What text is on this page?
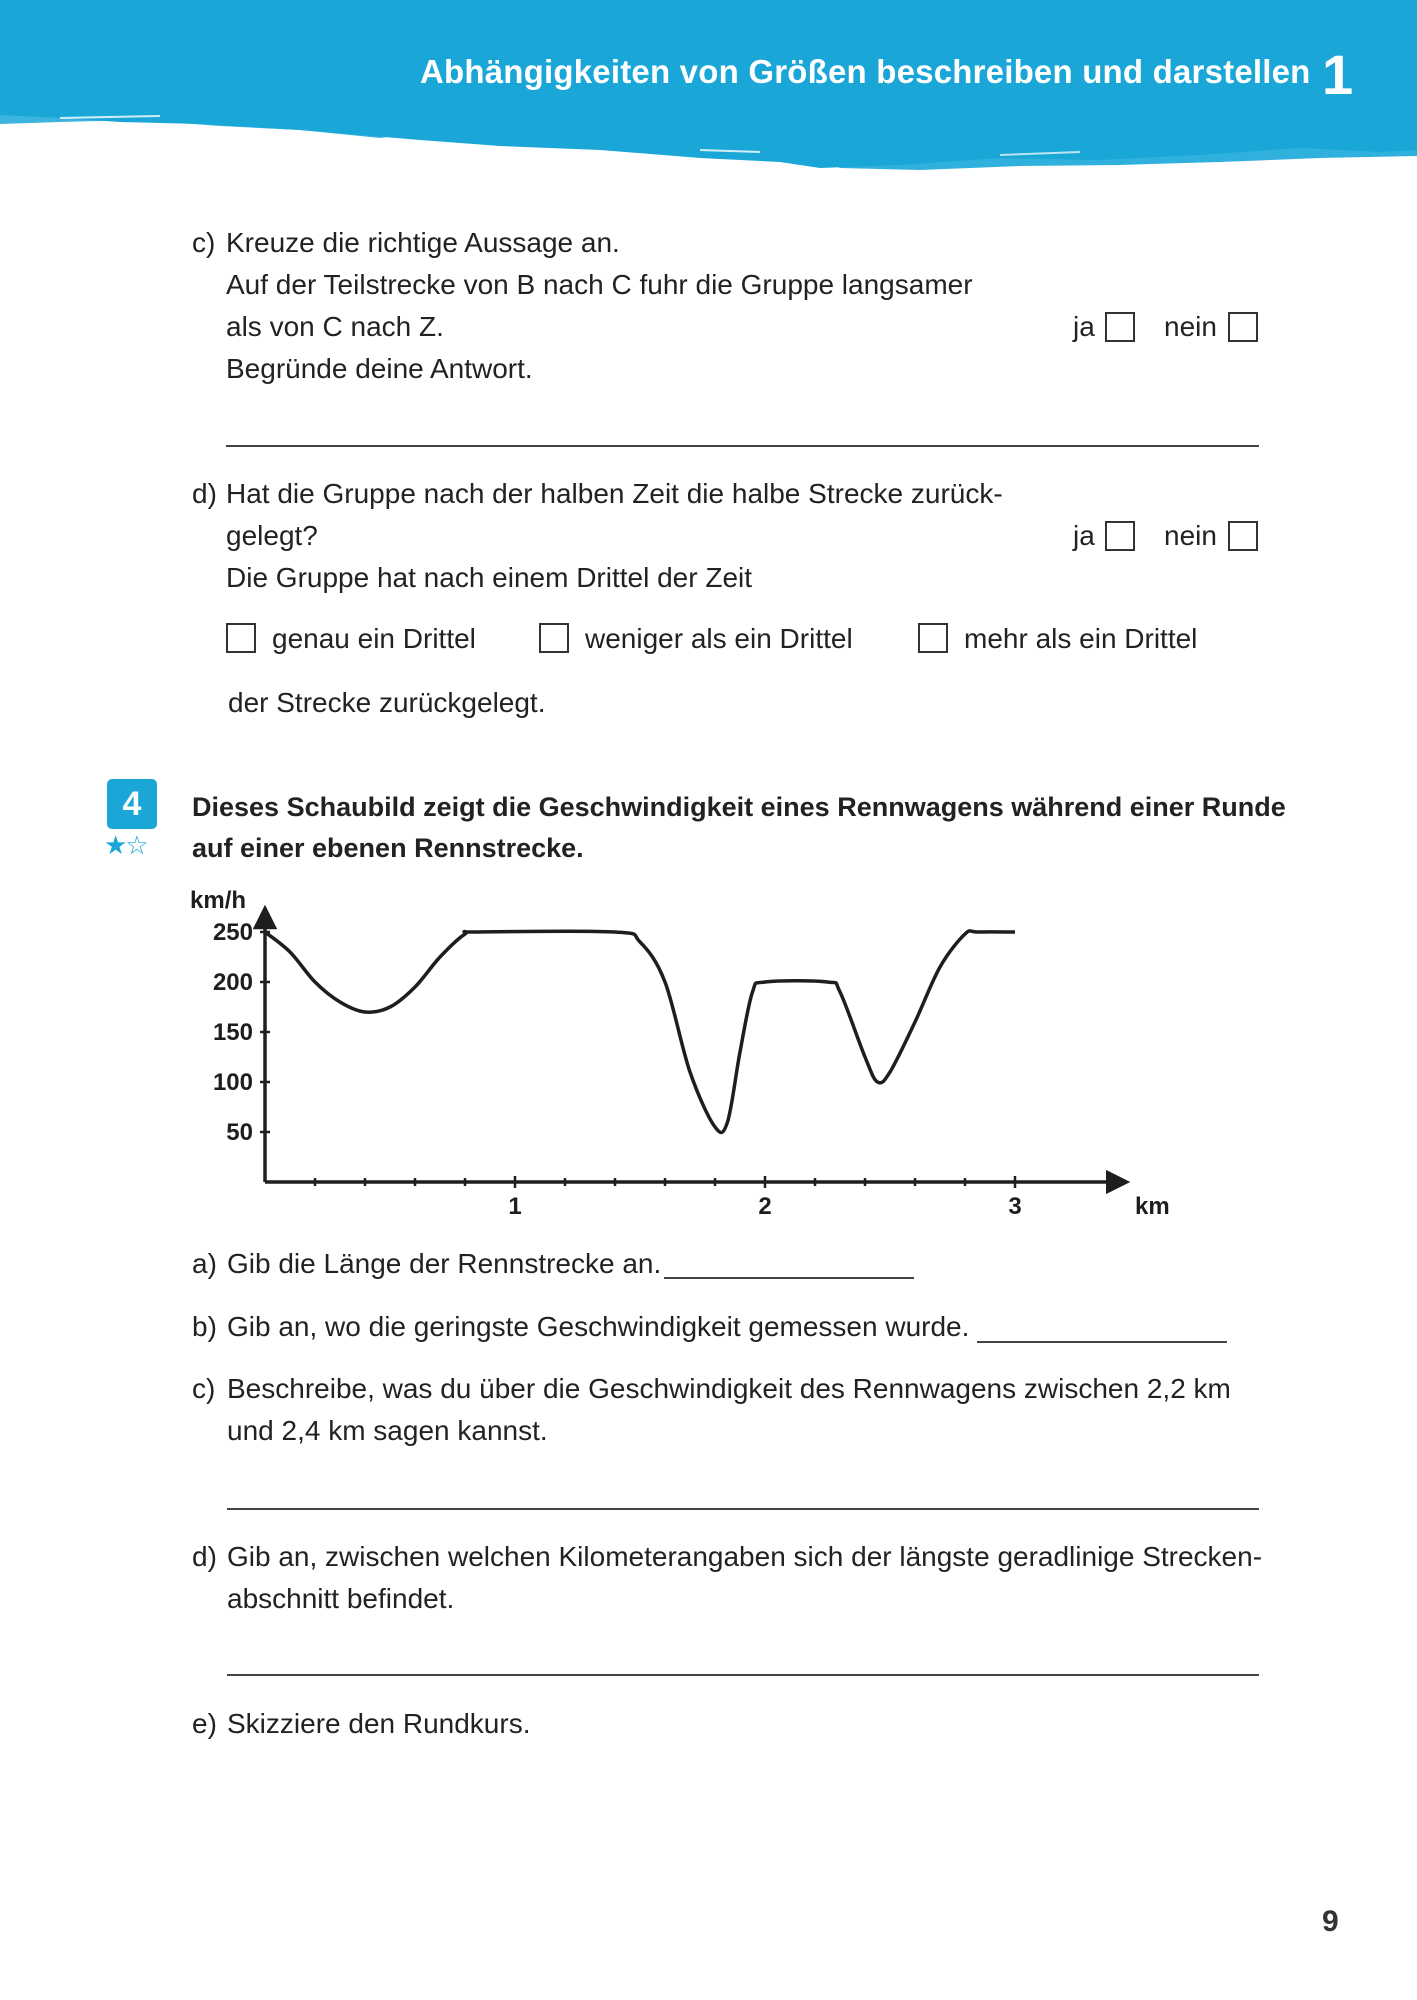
Abhängigkeiten von Größen beschreiben und darstellen 1
c) Kreuze die richtige Aussage an.
Auf der Teilstrecke von B nach C fuhr die Gruppe langsamer
als von C nach Z.
Begründe deine Antwort.
ja nein
d) Hat die Gruppe nach der halben Zeit die halbe Strecke zurück-
gelegt?
Die Gruppe hat nach einem Drittel der Zeit
ja nein
genau ein Drittel	weniger als ein Drittel	mehr als ein Drittel
der Strecke zurückgelegt.
4
★☆
Dieses Schaubild zeigt die Geschwindigkeit eines Rennwagens während einer Runde
auf einer ebenen Rennstrecke.
50
100
150
200
250
km/h
1	2	3	km
a) Gib die Länge der Rennstrecke an.
b) Gib an, wo die geringste Geschwindigkeit gemessen wurde.
c) Beschreibe, was du über die Geschwindigkeit des Rennwagens zwischen 2,2 km
und 2,4 km sagen kannst.
d) Gib an, zwischen welchen Kilometerangaben sich der längste geradlinige Strecken-
abschnitt befindet.
e) Skizziere den Rundkurs.
9
